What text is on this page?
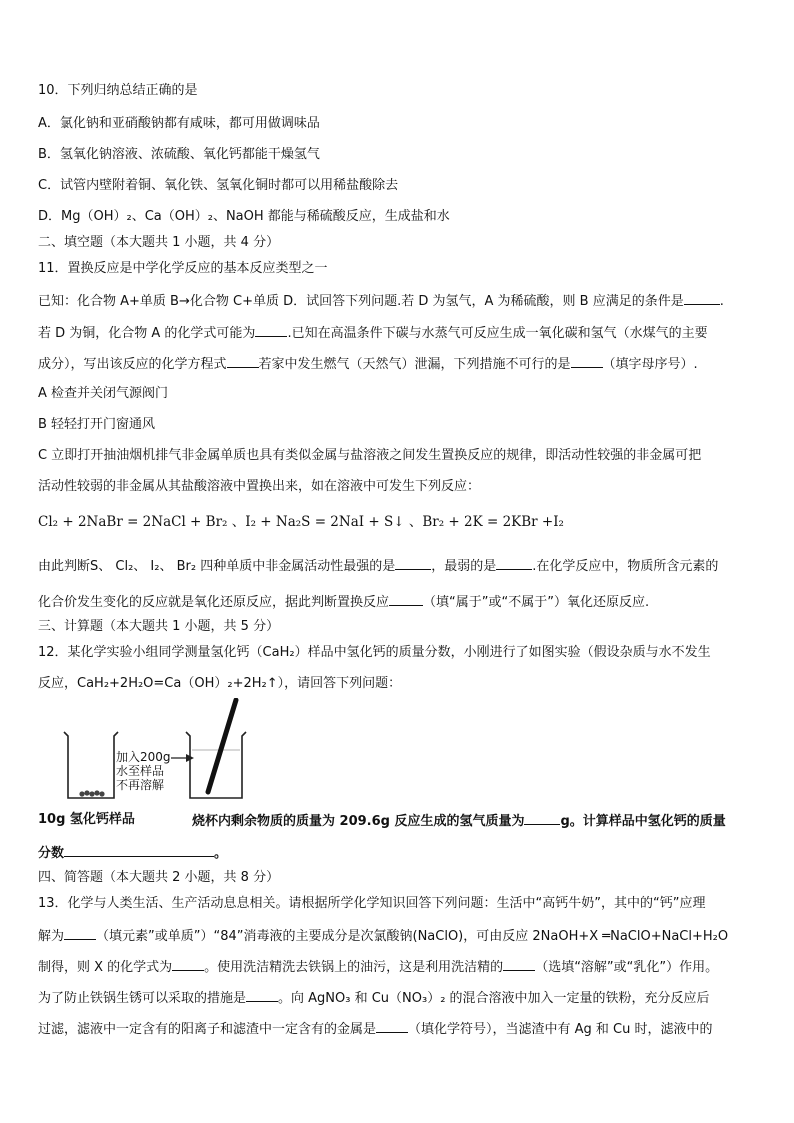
10．下列归纳总结正确的是
A．氯化钠和亚硝酸钠都有咸味，都可用做调味品
B．氢氧化钠溶液、浓硫酸、氧化钙都能干燥氢气
C．试管内壁附着铜、氧化铁、氢氧化铜时都可以用稀盐酸除去
D．Mg（OH）₂、Ca（OH）₂、NaOH 都能与稀硫酸反应，生成盐和水
二、填空题（本大题共 1 小题，共 4 分）
11．置换反应是中学化学反应的基本反应类型之一
已知：化合物 A+单质 B→化合物 C+单质 D．试回答下列问题.若 D 为氢气，A 为稀硫酸，则 B 应满足的条件是	.
若 D 为铜，化合物 A 的化学式可能为 .已知在高温条件下碳与水蒸气可反应生成一氧化碳和氢气（水煤气的主要
成分），写出该反应的化学方程式 若家中发生燃气（天然气）泄漏，下列措施不可行的是 （填字母序号）.
A 检查并关闭气源阀门
B 轻轻打开门窗通风
C 立即打开抽油烟机排气非金属单质也具有类似金属与盐溶液之间发生置换反应的规律，即活动性较强的非金属可把
活动性较弱的非金属从其盐酸溶液中置换出来，如在溶液中可发生下列反应：
Cl₂ + 2NaBr = 2NaCl + Br₂ 、I₂ + Na₂S = 2NaI + S↓ 、Br₂ + 2K = 2KBr +I₂
由此判断S、 Cl₂、 I₂、 Br₂ 四种单质中非金属活动性最强的是	，最弱的是	.在化学反应中，物质所含元素的
化合价发生变化的反应就是氧化还原反应，据此判断置换反应	（填“属于”或“不属于”）氧化还原反应.
三、计算题（本大题共 1 小题，共 5 分）
12．某化学实验小组同学测量氢化钙（CaH₂）样品中氢化钙的质量分数，小刚进行了如图实验（假设杂质与水不发生
反应，CaH₂+2H₂O=Ca（OH）₂+2H₂↑），请回答下列问题：
加入200g
水至样品
不再溶解
10g 氢化钙样品	烧杯内剩余物质的质量为 209.6g 反应生成的氢气质量为	g。计算样品中氢化钙的质量
分数	。
四、简答题（本大题共 2 小题，共 8 分）
13．化学与人类生活、生产活动息息相关。请根据所学化学知识回答下列问题：生活中“高钙牛奶”，其中的“钙”应理
解为 （填元素”或单质”）“84”消毒液的主要成分是次氯酸钠(NaClO)，可由反应 2NaOH+X ═NaClO+NaCl+H₂O
制得，则 X 的化学式为 。使用洗洁精洗去铁锅上的油污，这是利用洗洁精的 （选填“溶解”或“乳化”）作用。
为了防止铁锅生锈可以采取的措施是 。向 AgNO₃ 和 Cu（NO₃）₂ 的混合溶液中加入一定量的铁粉，充分反应后
过滤，滤液中一定含有的阳离子和滤渣中一定含有的金属是 （填化学符号），当滤渣中有 Ag 和 Cu 时，滤液中的
